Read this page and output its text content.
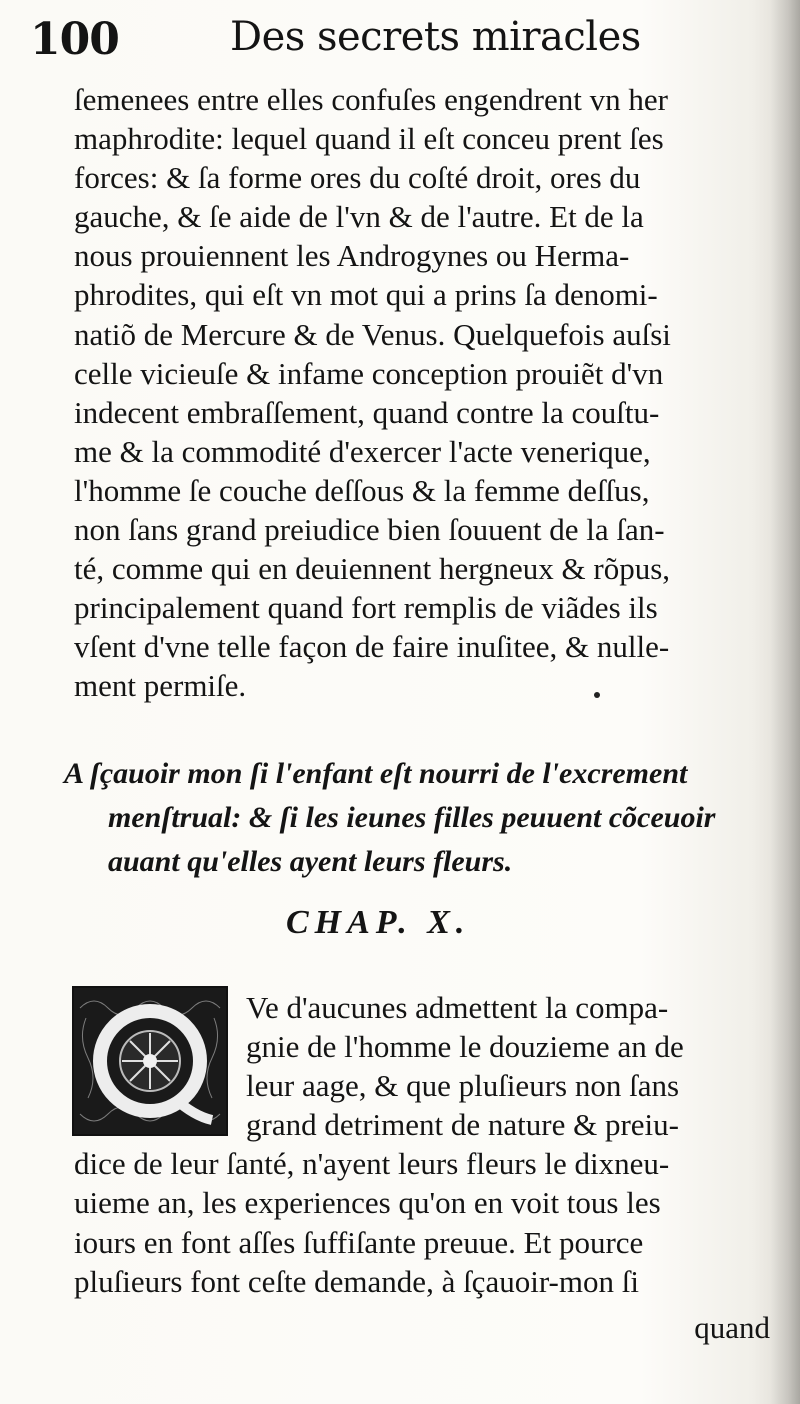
100	Des secrets miracles
ſemenees entre elles confuſes engendrent vn her
maphrodite: lequel quand il eſt conceu prent ſes
forces: & ſa forme ores du coſté droit, ores du
gauche, & ſe aide de l'vn & de l'autre. Et de la
nous prouiennent les Androgynes ou Herma-
phrodites, qui eſt vn mot qui a prins ſa denomi-
natiõ de Mercure & de Venus. Quelquefois auſsi
celle vicieuſe & infame conception prouiẽt d'vn
indecent embraſſement, quand contre la couſtu-
me & la commodité d'exercer l'acte venerique,
l'homme ſe couche deſſous & la femme deſſus,
non ſans grand preiudice bien ſouuent de la ſan-
té, comme qui en deuiennent hergneux & rõpus,
principalement quand fort remplis de viãdes ils
vſent d'vne telle façon de faire inuſitee, & nulle-
ment permiſe.
A ſçauoir mon ſi l'enfant eſt nourri de l'excrement
menſtrual: & ſi les ieunes filles peuuent cõceuoir
auant qu'elles ayent leurs fleurs.
CHAP. X.
Ve d'aucunes admettent la compa-
gnie de l'homme le douzieme an de
leur aage, & que pluſieurs non ſans
grand detriment de nature & preiu-
dice de leur ſanté, n'ayent leurs fleurs le dixneu-
uieme an, les experiences qu'on en voit tous les
iours en font aſſes ſuffiſante preuue. Et pource
pluſieurs font ceſte demande, à ſçauoir-mon ſi
quand
